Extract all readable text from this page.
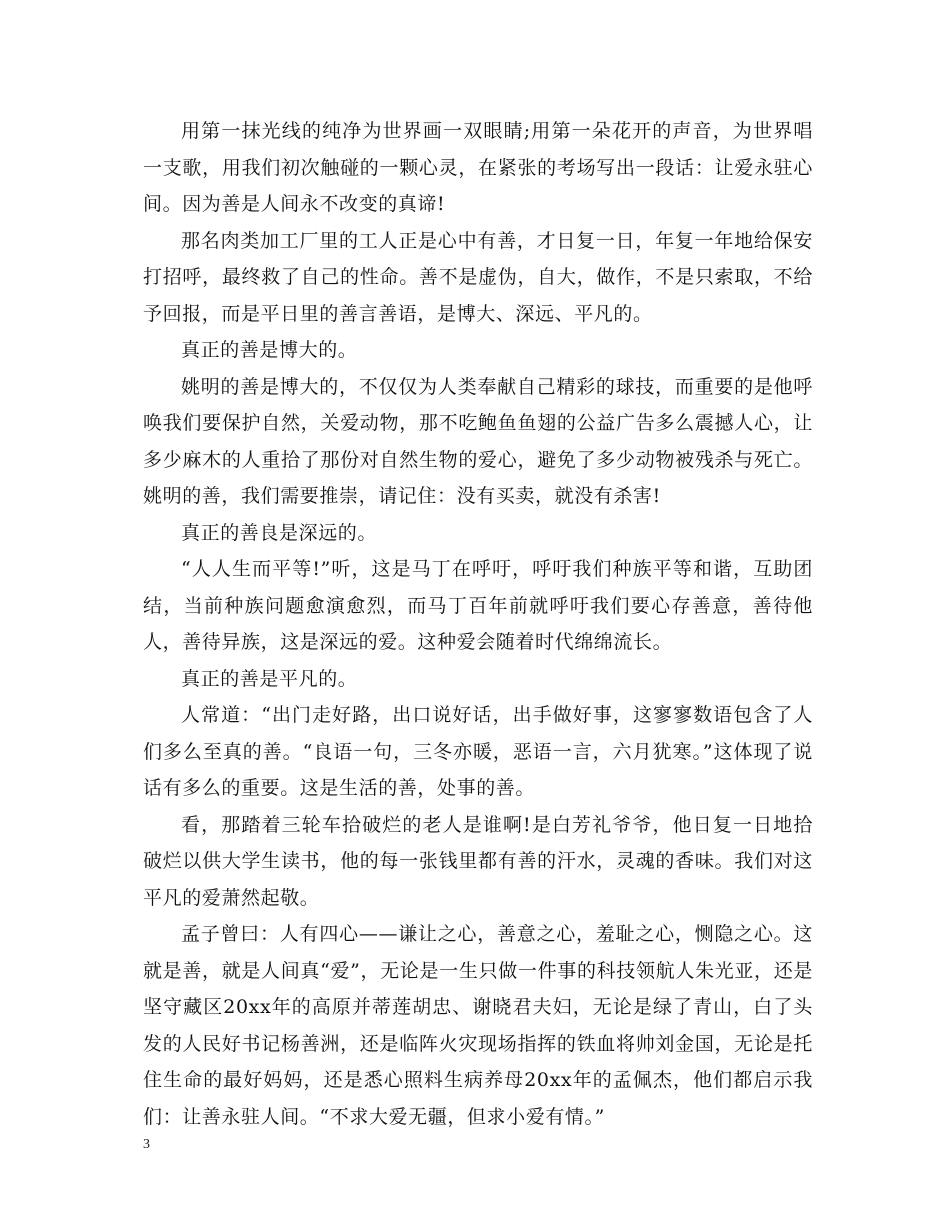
用第一抹光线的纯净为世界画一双眼睛;用第一朵花开的声音，为世界唱一支歌，用我们初次触碰的一颗心灵，在紧张的考场写出一段话：让爱永驻心间。因为善是人间永不改变的真谛!

那名肉类加工厂里的工人正是心中有善，才日复一日，年复一年地给保安打招呼，最终救了自己的性命。善不是虚伪，自大，做作，不是只索取，不给予回报，而是平日里的善言善语，是博大、深远、平凡的。

真正的善是博大的。

姚明的善是博大的，不仅仅为人类奉献自己精彩的球技，而重要的是他呼唤我们要保护自然，关爱动物，那不吃鲍鱼鱼翅的公益广告多么震撼人心，让多少麻木的人重拾了那份对自然生物的爱心，避免了多少动物被残杀与死亡。姚明的善，我们需要推崇，请记住：没有买卖，就没有杀害!

真正的善良是深远的。

“人人生而平等!”听，这是马丁在呼吁，呼吁我们种族平等和谐，互助团结，当前种族问题愈演愈烈，而马丁百年前就呼吁我们要心存善意，善待他人，善待异族，这是深远的爱。这种爱会随着时代绵绵流长。

真正的善是平凡的。

人常道：“出门走好路，出口说好话，出手做好事，这寥寥数语包含了人们多么至真的善。“良语一句，三冬亦暖，恶语一言，六月犹寒。”这体现了说话有多么的重要。这是生活的善，处事的善。

看，那踏着三轮车拾破烂的老人是谁啊!是白芳礼爷爷，他日复一日地拾破烂以供大学生读书，他的每一张钱里都有善的汗水，灵魂的香味。我们对这平凡的爱萧然起敬。

孟子曾曰：人有四心——谦让之心，善意之心，羞耻之心，恻隐之心。这就是善，就是人间真“爱”，无论是一生只做一件事的科技领航人朱光亚，还是坚守藏区20xx年的高原并蒂莲胡忠、谢晓君夫妇，无论是绿了青山，白了头发的人民好书记杨善洲，还是临阵火灾现场指挥的铁血将帅刘金国，无论是托住生命的最好妈妈，还是悉心照料生病养母20xx年的孟佩杰，他们都启示我们：让善永驻人间。“不求大爱无疆，但求小爱有情。”

3
